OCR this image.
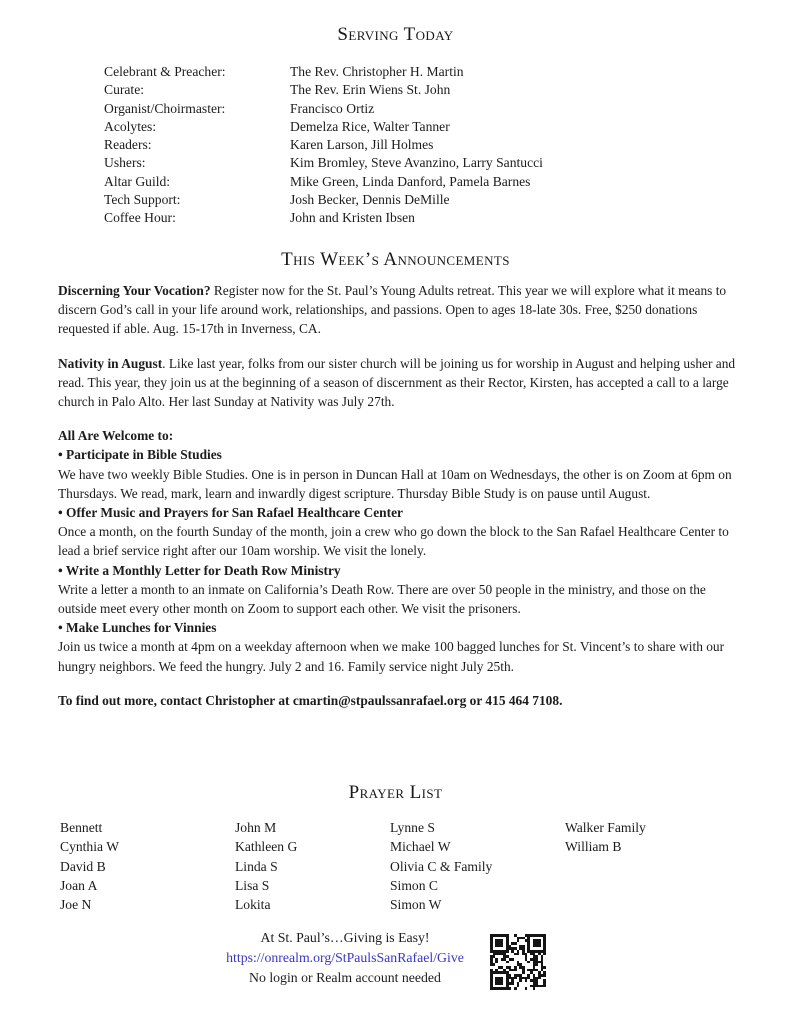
Serving Today
Celebrant & Preacher:	The Rev. Christopher H. Martin
Curate:	The Rev. Erin Wiens St. John
Organist/Choirmaster:	Francisco Ortiz
Acolytes:	Demelza Rice, Walter Tanner
Readers:	Karen Larson, Jill Holmes
Ushers:	Kim Bromley, Steve Avanzino, Larry Santucci
Altar Guild:	Mike Green, Linda Danford, Pamela Barnes
Tech Support:	Josh Becker, Dennis DeMille
Coffee Hour:	John and Kristen Ibsen
This Week’s Announcements

Discerning Your Vocation? Register now for the St. Paul’s Young Adults retreat. This year we will explore what it means to discern God’s call in your life around work, relationships, and passions. Open to ages 18-late 30s. Free, $250 donations requested if able. Aug. 15-17th in Inverness, CA.

Nativity in August. Like last year, folks from our sister church will be joining us for worship in August and helping usher and read. This year, they join us at the beginning of a season of discernment as their Rector, Kirsten, has accepted a call to a large church in Palo Alto. Her last Sunday at Nativity was July 27th.

All Are Welcome to:
• Participate in Bible Studies
We have two weekly Bible Studies. One is in person in Duncan Hall at 10am on Wednesdays, the other is on Zoom at 6pm on Thursdays. We read, mark, learn and inwardly digest scripture. Thursday Bible Study is on pause until August.
• Offer Music and Prayers for San Rafael Healthcare Center
Once a month, on the fourth Sunday of the month, join a crew who go down the block to the San Rafael Healthcare Center to lead a brief service right after our 10am worship. We visit the lonely.
• Write a Monthly Letter for Death Row Ministry
Write a letter a month to an inmate on California’s Death Row. There are over 50 people in the ministry, and those on the outside meet every other month on Zoom to support each other. We visit the prisoners.
• Make Lunches for Vinnies
Join us twice a month at 4pm on a weekday afternoon when we make 100 bagged lunches for St. Vincent’s to share with our hungry neighbors. We feed the hungry. July 2 and 16. Family service night July 25th.
To find out more, contact Christopher at cmartin@stpaulssanrafael.org or 415 464 7108.
Prayer List
Bennett
Cynthia W
David B
Joan A
Joe N
John M
Kathleen G
Linda S
Lisa S
Lokita
Lynne S
Michael W
Olivia C & Family
Simon C
Simon W
Walker Family
William B
At St. Paul’s…Giving is Easy!
https://onrealm.org/StPaulsSanRafael/Give
No login or Realm account needed
